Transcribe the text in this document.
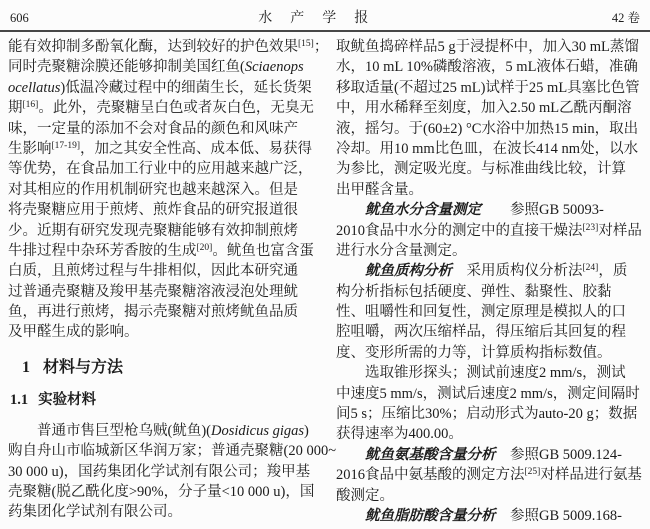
606	水　产　学　报	42 卷
能有效抑制多酚氧化酶，达到较好的护色效果[15]；
同时壳聚糖涂膜还能够抑制美国红鱼(Sciaenops
ocellatus)低温冷藏过程中的细菌生长，延长货架
期[16]。此外，壳聚糖呈白色或者灰白色，无臭无
味，一定量的添加不会对食品的颜色和风味产
生影响[17-19]，加之其安全性高、成本低、易获得
等优势，在食品加工行业中的应用越来越广泛，
对其相应的作用机制研究也越来越深入。但是
将壳聚糖应用于煎烤、煎炸食品的研究报道很
少。近期有研究发现壳聚糖能够有效抑制煎烤
牛排过程中杂环芳香胺的生成[20]。鱿鱼也富含蛋
白质，且煎烤过程与牛排相似，因此本研究通
过普通壳聚糖及羧甲基壳聚糖溶液浸泡处理鱿
鱼，再进行煎烤，揭示壳聚糖对煎烤鱿鱼品质
及甲醛生成的影响。
1 材料与方法
1.1 实验材料
　　普通市售巨型枪乌贼(鱿鱼)(Dosidicus gigas)
购自舟山市临城新区华润万家；普通壳聚糖(20 000~
30 000 u)，国药集团化学试剂有限公司；羧甲基
壳聚糖(脱乙酰化度>90%，分子量<10 000 u)，国
药集团化学试剂有限公司。
取鱿鱼捣碎样品5 g于浸提杯中，加入30 mL蒸馏
水，10 mL 10%磷酸溶液，5 mL液体石蜡，准确
移取适量(不超过25 mL)试样于25 mL具塞比色管
中，用水稀释至刻度，加入2.50 mL乙酰丙酮溶
液，摇匀。于(60±2) °C水浴中加热15 min，取出
冷却。用10 mm比色皿，在波长414 nm处，以水
为参比，测定吸光度。与标准曲线比较，计算
出甲醛含量。
　　鱿鱼水分含量测定　　参照GB 50093-
2010食品中水分的测定中的直接干燥法[23]对样品
进行水分含量测定。
　　鱿鱼质构分析　采用质构仪分析法[24]，质
构分析指标包括硬度、弹性、黏聚性、胶黏
性、咀嚼性和回复性，测定原理是模拟人的口
腔咀嚼，两次压缩样品，得压缩后其回复的程
度、变形所需的力等，计算质构指标数值。
　　选取锥形探头；测试前速度2 mm/s，测试
中速度5 mm/s，测试后速度2 mm/s，测定间隔时
间5 s；压缩比30%；启动形式为auto-20 g；数据
获得速率为400.00。
　　鱿鱼氨基酸含量分析　参照GB 5009.124-
2016食品中氨基酸的测定方法[25]对样品进行氨基
酸测定。
　　鱿鱼脂肪酸含量分析　参照GB 5009.168-
